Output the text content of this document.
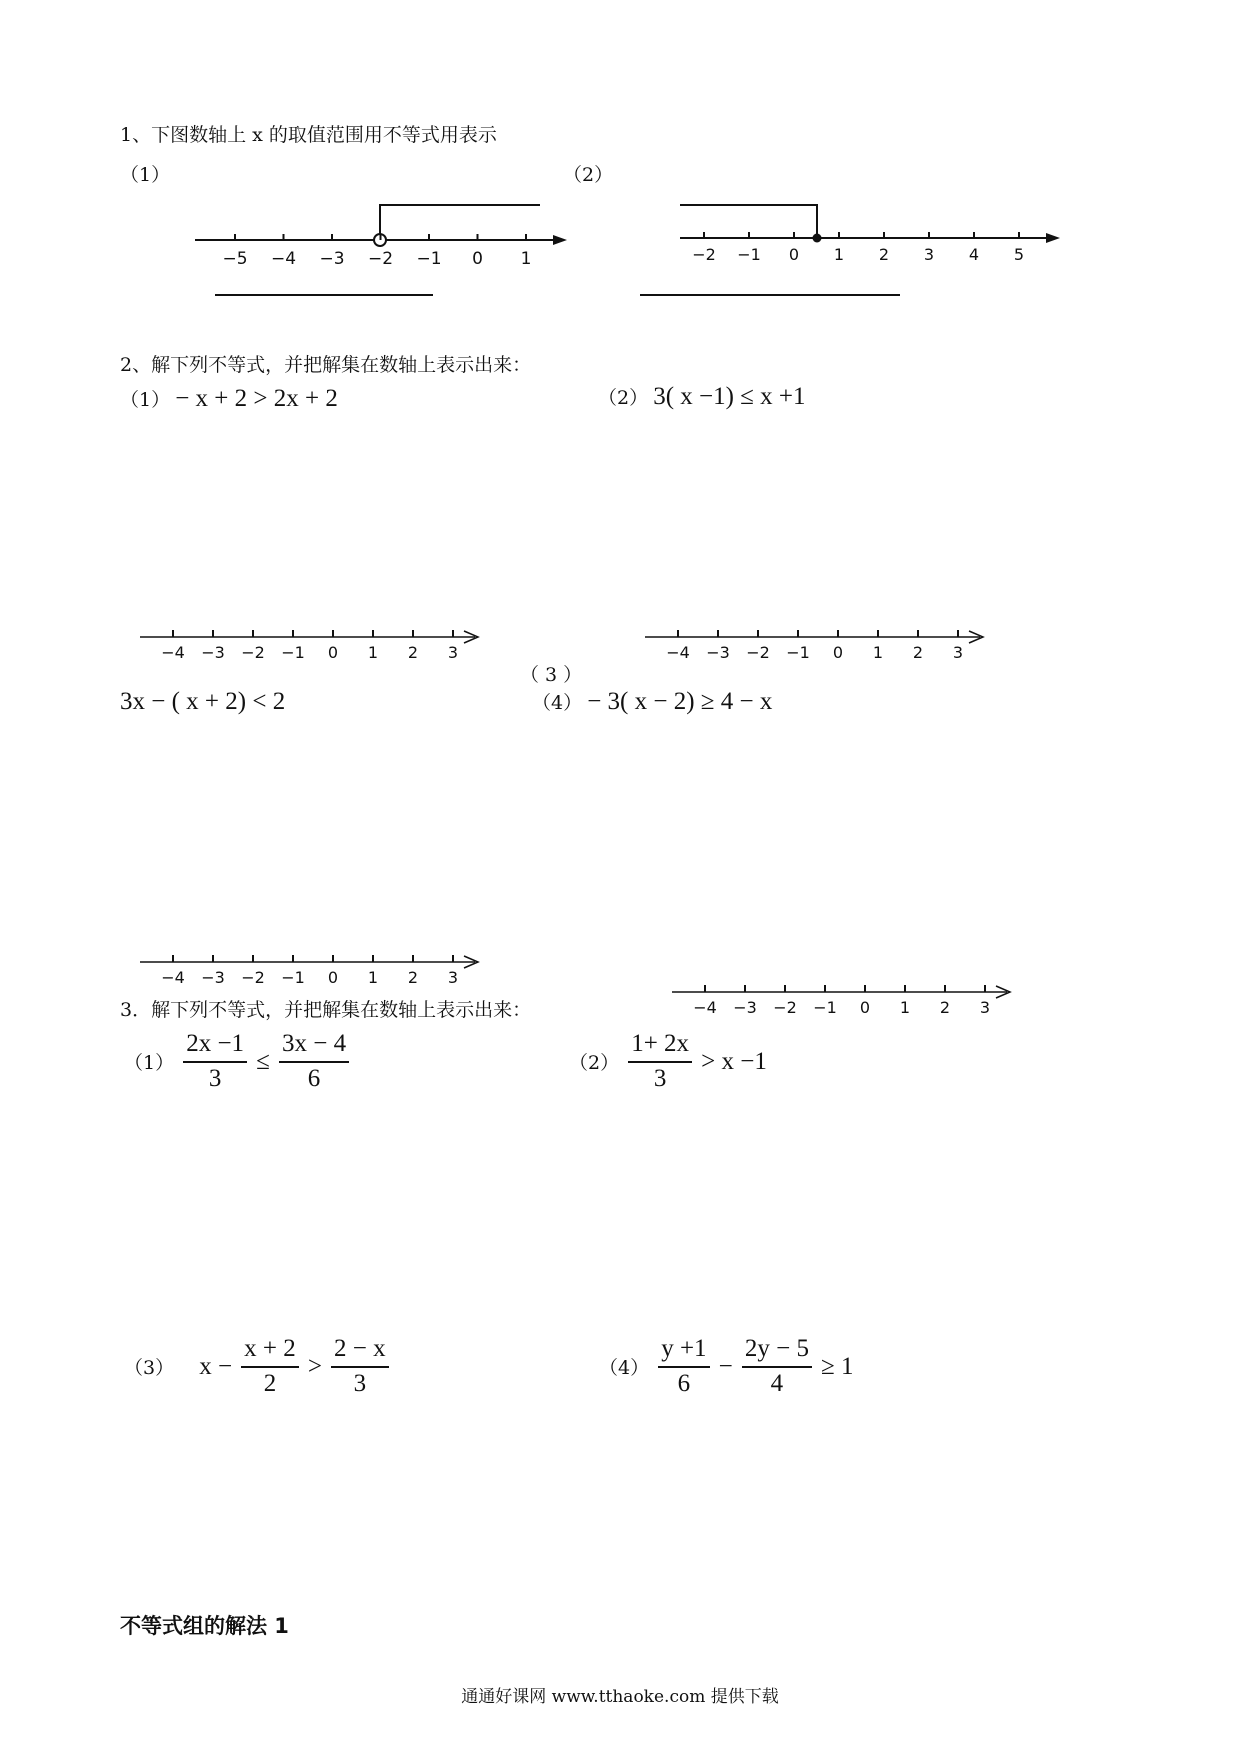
1、下图数轴上 x 的取值范围用不等式用表示
（1）	（2）
−5 −4 −3 −2 −1 0 1	−2 −1 0 1 2 3 4 5
2、解下列不等式，并把解集在数轴上表示出来：
（1） − x + 2 > 2x + 2	（2） 3( x −1) ≤ x +1
−4 −3 −2 −1 0 1 2 3	−4 −3 −2 −1 0 1 2 3
（ 3 ）
3x − ( x + 2) < 2	（4） − 3( x − 2) ≥ 4 − x
−4 −3 −2 −1 0 1 2 3
−4 −3 −2 −1 0 1 2 3
3．解下列不等式，并把解集在数轴上表示出来：
$(1) \frac{2x -1}{3} \le \frac{3x - 4}{6}$	$(2) \frac{1+ 2x}{3} > x -1$
（3） $x - \frac{x + 2}{2} > \frac{2 - x}{3}$	$(4) \frac{y +1}{6} - \frac{2y - 5}{4} \ge 1$
不等式组的解法 1
通通好课网 www.tthaoke.com 提供下载
